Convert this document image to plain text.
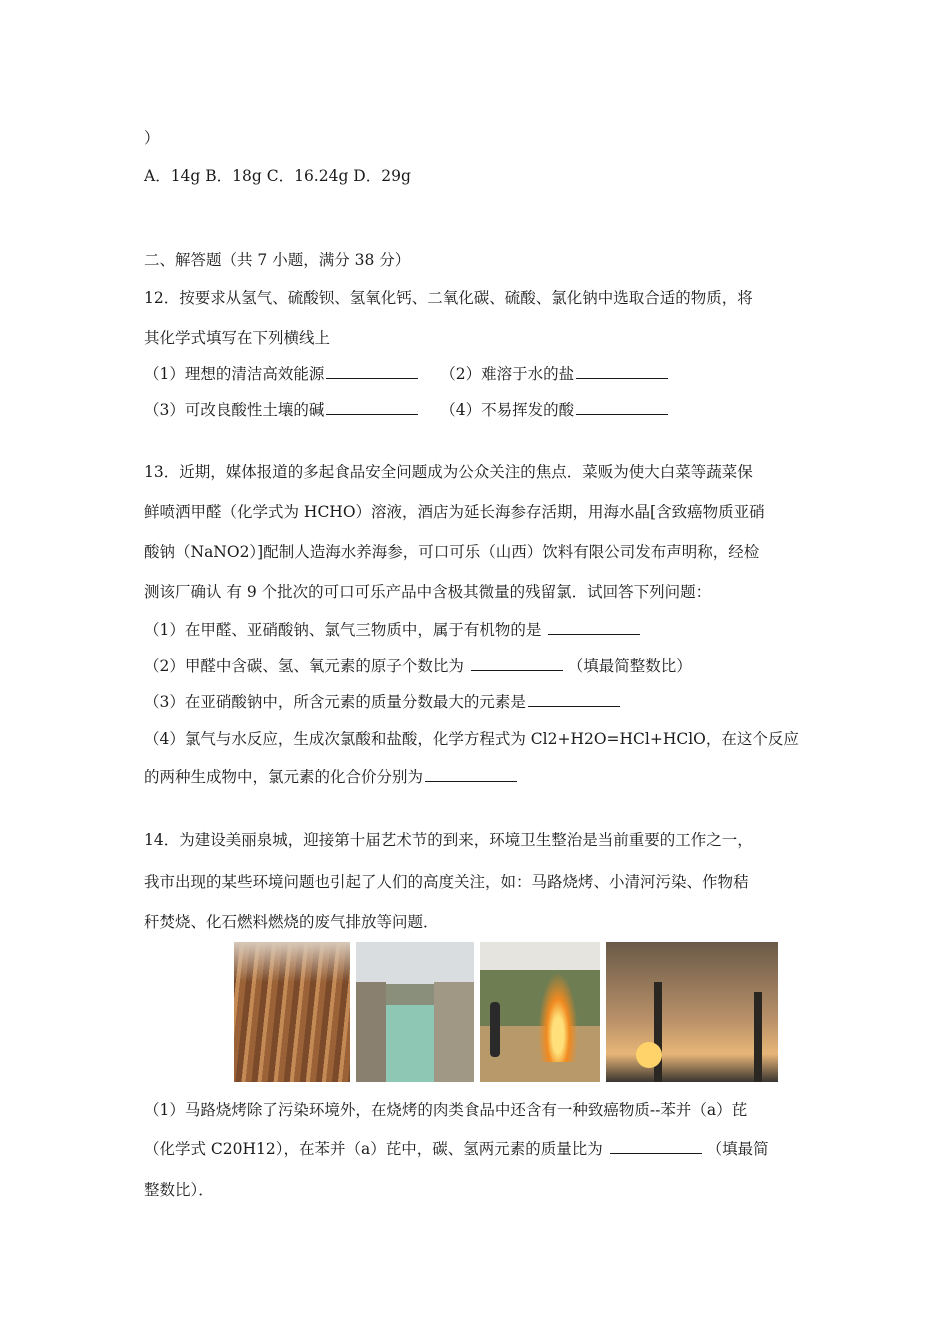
）
A．14g B．18g C．16.24g D．29g
二、解答题（共 7 小题，满分 38 分）
12．按要求从氢气、硫酸钡、氢氧化钙、二氧化碳、硫酸、氯化钠中选取合适的物质，将
其化学式填写在下列横线上
（1）理想的清洁高效能源	（2）难溶于水的盐
（3）可改良酸性土壤的碱	（4）不易挥发的酸
13．近期，媒体报道的多起食品安全问题成为公众关注的焦点．菜贩为使大白菜等蔬菜保
鲜喷洒甲醛（化学式为 HCHO）溶液，酒店为延长海参存活期，用海水晶[含致癌物质亚硝
酸钠（NaNO2）]配制人造海水养海参，可口可乐（山西）饮料有限公司发布声明称，经检
测该厂确认 有 9 个批次的可口可乐产品中含极其微量的残留氯．试回答下列问题：
（1）在甲醛、亚硝酸钠、氯气三物质中，属于有机物的是
（2）甲醛中含碳、氢、氧元素的原子个数比为	（填最简整数比）
（3）在亚硝酸钠中，所含元素的质量分数最大的元素是
（4）氯气与水反应，生成次氯酸和盐酸，化学方程式为 Cl2+H2O=HCl+HClO，在这个反应
的两种生成物中，氯元素的化合价分别为
14．为建设美丽泉城，迎接第十届艺术节的到来，环境卫生整治是当前重要的工作之一，
我市出现的某些环境问题也引起了人们的高度关注，如：马路烧烤、小清河污染、作物秸
秆焚烧、化石燃料燃烧的废气排放等问题．
（1）马路烧烤除了污染环境外，在烧烤的肉类食品中还含有一种致癌物质--苯并（a）芘
（化学式 C20H12），在苯并（a）芘中，碳、氢两元素的质量比为	（填最简
整数比）．
